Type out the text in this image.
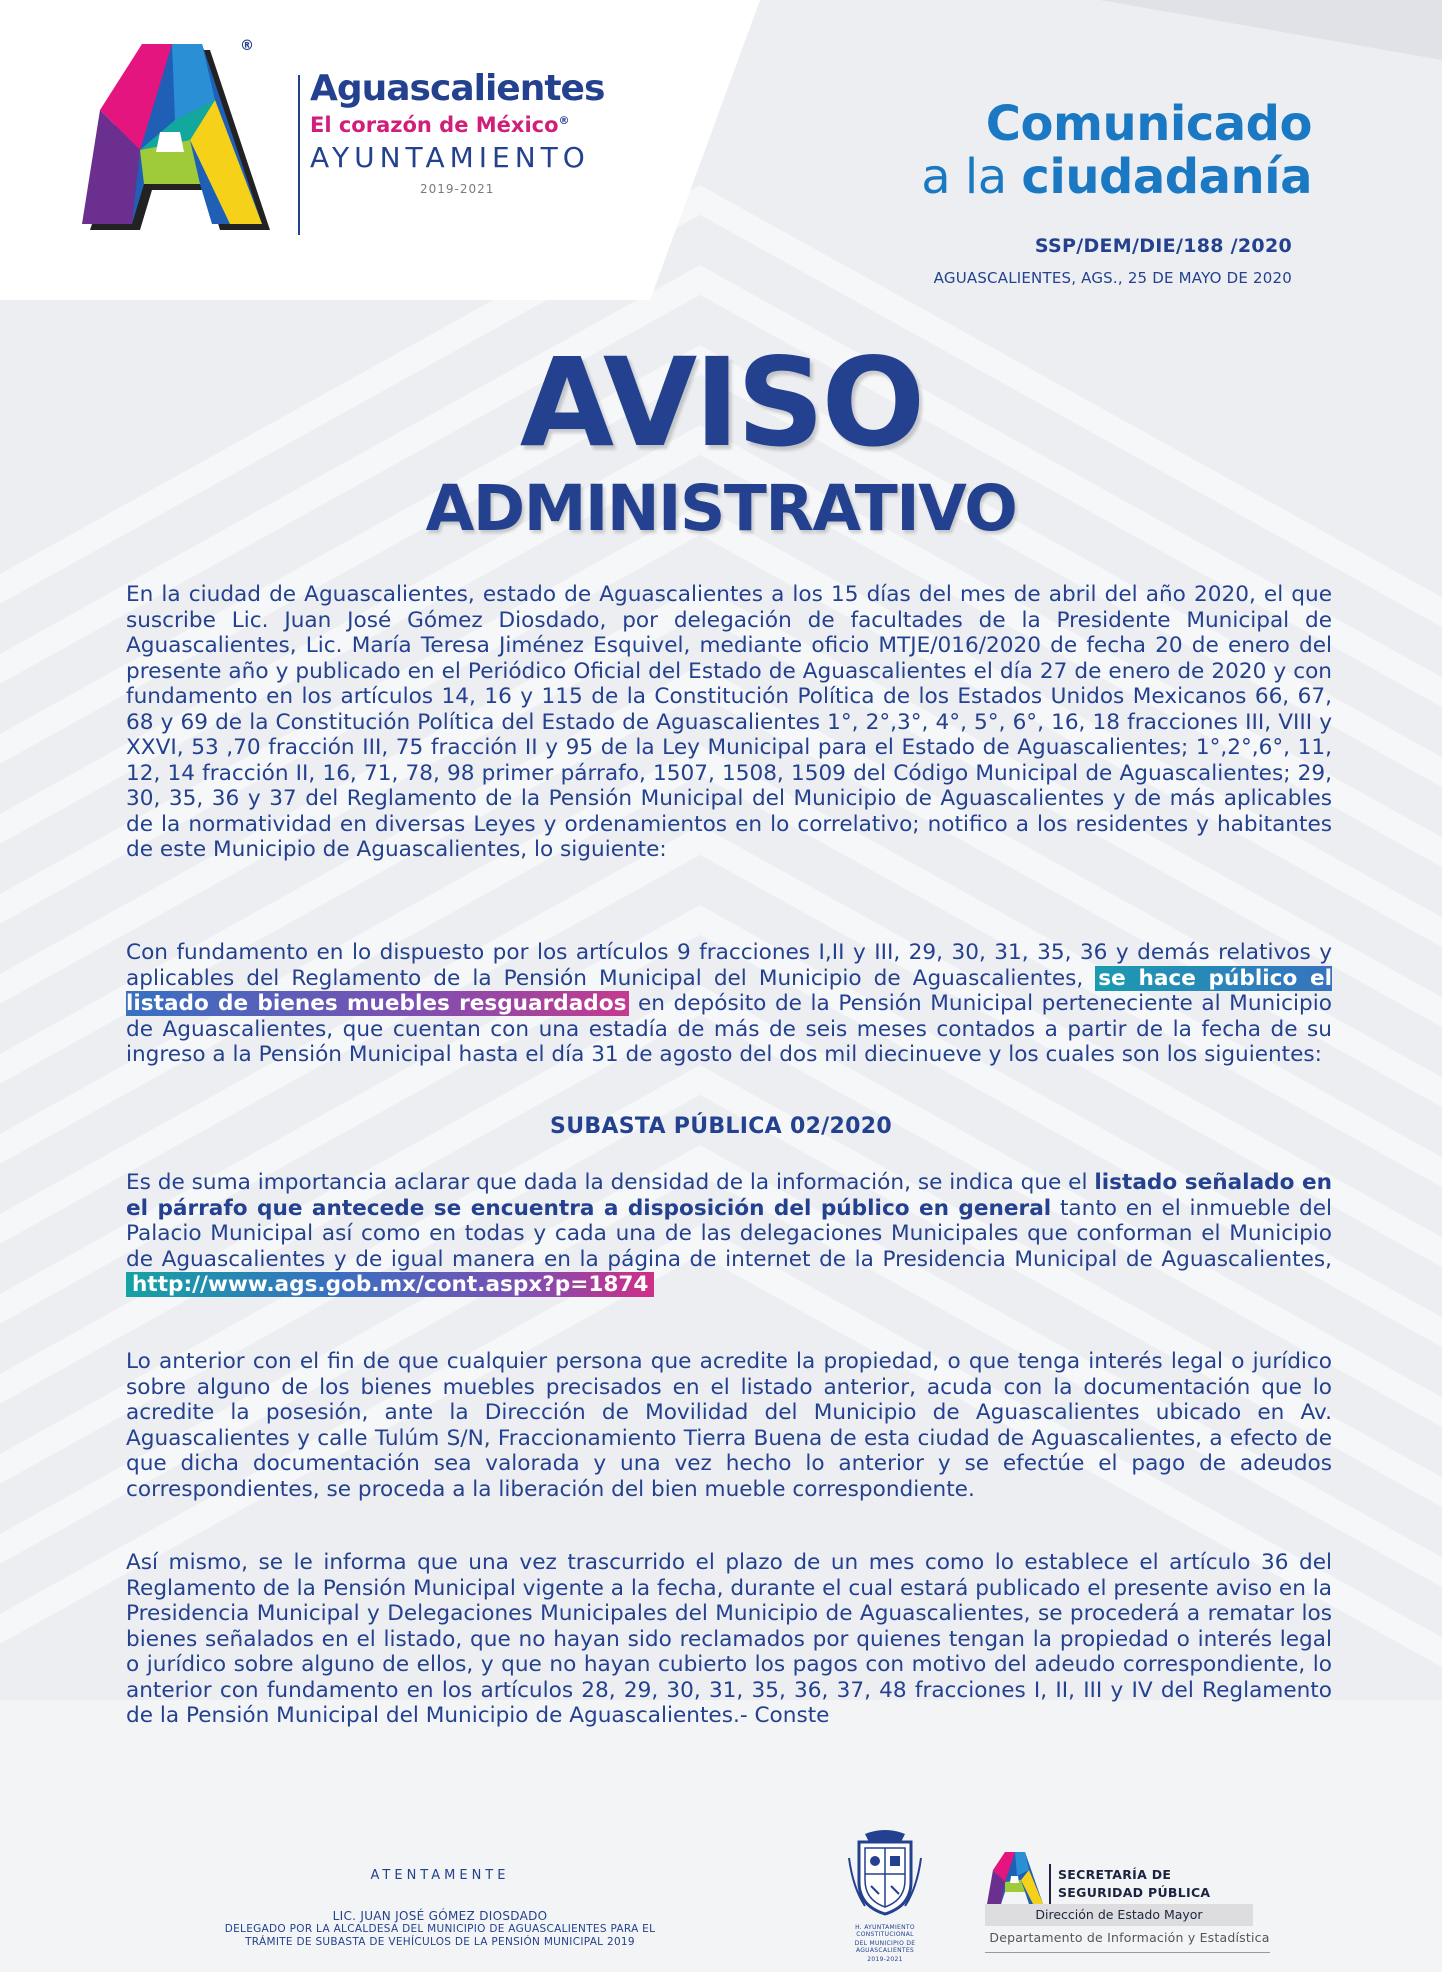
®
Aguascalientes
El corazón de México®
AYUNTAMIENTO
2019-2021
Comunicado
a la ciudadanía
SSP/DEM/DIE/188 /2020
AGUASCALIENTES, AGS., 25 DE MAYO DE 2020
AVISO
ADMINISTRATIVO

En la ciudad de Aguascalientes, estado de Aguascalientes a los 15 días del mes de abril del año 2020, el que suscribe Lic. Juan José Gómez Diosdado, por delegación de facultades de la Presidente Municipal de Aguascalientes, Lic. María Teresa Jiménez Esquivel, mediante oficio MTJE/016/2020 de fecha 20 de enero del presente año y publicado en el Periódico Oficial del Estado de Aguascalientes el día 27 de enero de 2020 y con fundamento en los artículos 14, 16 y 115 de la Constitución Política de los Estados Unidos Mexicanos 66, 67, 68 y 69 de la Constitución Política del Estado de Aguascalientes 1°, 2°,3°, 4°, 5°, 6°, 16, 18 fracciones III, VIII y XXVI, 53 ,70 fracción III, 75 fracción II y 95 de la Ley Municipal para el Estado de Aguascalientes; 1°,2°,6°, 11, 12, 14 fracción II, 16, 71, 78, 98 primer párrafo, 1507, 1508, 1509 del Código Municipal de Aguascalientes; 29, 30, 35, 36 y 37 del Reglamento de la Pensión Municipal del Municipio de Aguascalientes y de más aplicables de la normatividad en diversas Leyes y ordenamientos en lo correlativo; notifico a los residentes y habitantes de este Municipio de Aguascalientes, lo siguiente:

Con fundamento en lo dispuesto por los artículos 9 fracciones I,II y III, 29, 30, 31, 35, 36 y demás relativos y aplicables del Reglamento de la Pensión Municipal del Municipio de Aguascalientes, se hace público el listado de bienes muebles resguardados en depósito de la Pensión Municipal perteneciente al Municipio de Aguascalientes, que cuentan con una estadía de más de seis meses contados a partir de la fecha de su ingreso a la Pensión Municipal hasta el día 31 de agosto del dos mil diecinueve y los cuales son los siguientes:

SUBASTA PÚBLICA 02/2020

Es de suma importancia aclarar que dada la densidad de la información, se indica que el listado señalado en el párrafo que antecede se encuentra a disposición del público en general tanto en el inmueble del Palacio Municipal así como en todas y cada una de las delegaciones Municipales que conforman el Municipio de Aguascalientes y de igual manera en la página de internet de la Presidencia Municipal de Aguascalientes, http://www.ags.gob.mx/cont.aspx?p=1874

Lo anterior con el fin de que cualquier persona que acredite la propiedad, o que tenga interés legal o jurídico sobre alguno de los bienes muebles precisados en el listado anterior, acuda con la documentación que lo acredite la posesión, ante la Dirección de Movilidad del Municipio de Aguascalientes ubicado en Av. Aguascalientes y calle Tulúm S/N, Fraccionamiento Tierra Buena de esta ciudad de Aguascalientes, a efecto de que dicha documentación sea valorada y una vez hecho lo anterior y se efectúe el pago de adeudos correspondientes, se proceda a la liberación del bien mueble correspondiente.

Así mismo, se le informa que una vez trascurrido el plazo de un mes como lo establece el artículo 36 del Reglamento de la Pensión Municipal vigente a la fecha, durante el cual estará publicado el presente aviso en la Presidencia Municipal y Delegaciones Municipales del Municipio de Aguascalientes, se procederá a rematar los bienes señalados en el listado, que no hayan sido reclamados por quienes tengan la propiedad o interés legal o jurídico sobre alguno de ellos, y que no hayan cubierto los pagos con motivo del adeudo correspondiente, lo anterior con fundamento en los artículos 28, 29, 30, 31, 35, 36, 37, 48 fracciones I, II, III y IV del Reglamento de la Pensión Municipal del Municipio de Aguascalientes.- Conste

ATENTAMENTE
LIC. JUAN JOSÉ GÓMEZ DIOSDADO
DELEGADO POR LA ALCALDESA DEL MUNICIPIO DE AGUASCALIENTES PARA EL
TRÁMITE DE SUBASTA DE VEHÍCULOS DE LA PENSIÓN MUNICIPAL 2019
H. AYUNTAMIENTO CONSTITUCIONAL
DEL MUNICIPIO DE AGUASCALIENTES
2019-2021
SECRETARÍA DE
SEGURIDAD PÚBLICA
Dirección de Estado Mayor
Departamento de Información y Estadística
